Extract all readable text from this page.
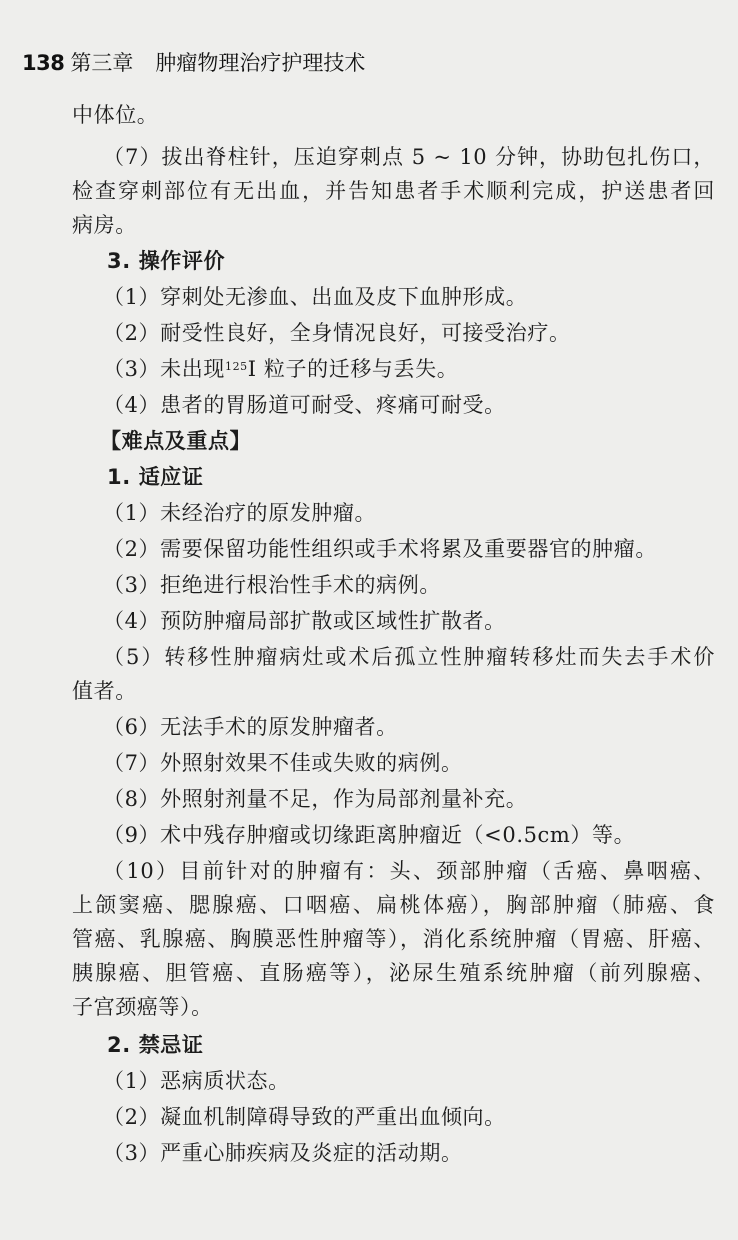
138 第三章 肿瘤物理治疗护理技术
中体位。
（7）拔出脊柱针，压迫穿刺点 5 ~ 10 分钟，协助包扎伤口，
检查穿刺部位有无出血，并告知患者手术顺利完成，护送患者回
病房。
3. 操作评价
（1）穿刺处无渗血、出血及皮下血肿形成。
（2）耐受性良好，全身情况良好，可接受治疗。
（3）未出现$^{125}$I 粒子的迁移与丢失。
（4）患者的胃肠道可耐受、疼痛可耐受。
【难点及重点】
1. 适应证
（1）未经治疗的原发肿瘤。
（2）需要保留功能性组织或手术将累及重要器官的肿瘤。
（3）拒绝进行根治性手术的病例。
（4）预防肿瘤局部扩散或区域性扩散者。
（5）转移性肿瘤病灶或术后孤立性肿瘤转移灶而失去手术价
值者。
（6）无法手术的原发肿瘤者。
（7）外照射效果不佳或失败的病例。
（8）外照射剂量不足，作为局部剂量补充。
（9）术中残存肿瘤或切缘距离肿瘤近（<0.5cm）等。
（10）目前针对的肿瘤有：头、颈部肿瘤（舌癌、鼻咽癌、
上颌窦癌、腮腺癌、口咽癌、扁桃体癌），胸部肿瘤（肺癌、食
管癌、乳腺癌、胸膜恶性肿瘤等），消化系统肿瘤（胃癌、肝癌、
胰腺癌、胆管癌、直肠癌等），泌尿生殖系统肿瘤（前列腺癌、
子宫颈癌等）。
2. 禁忌证
（1）恶病质状态。
（2）凝血机制障碍导致的严重出血倾向。
（3）严重心肺疾病及炎症的活动期。
